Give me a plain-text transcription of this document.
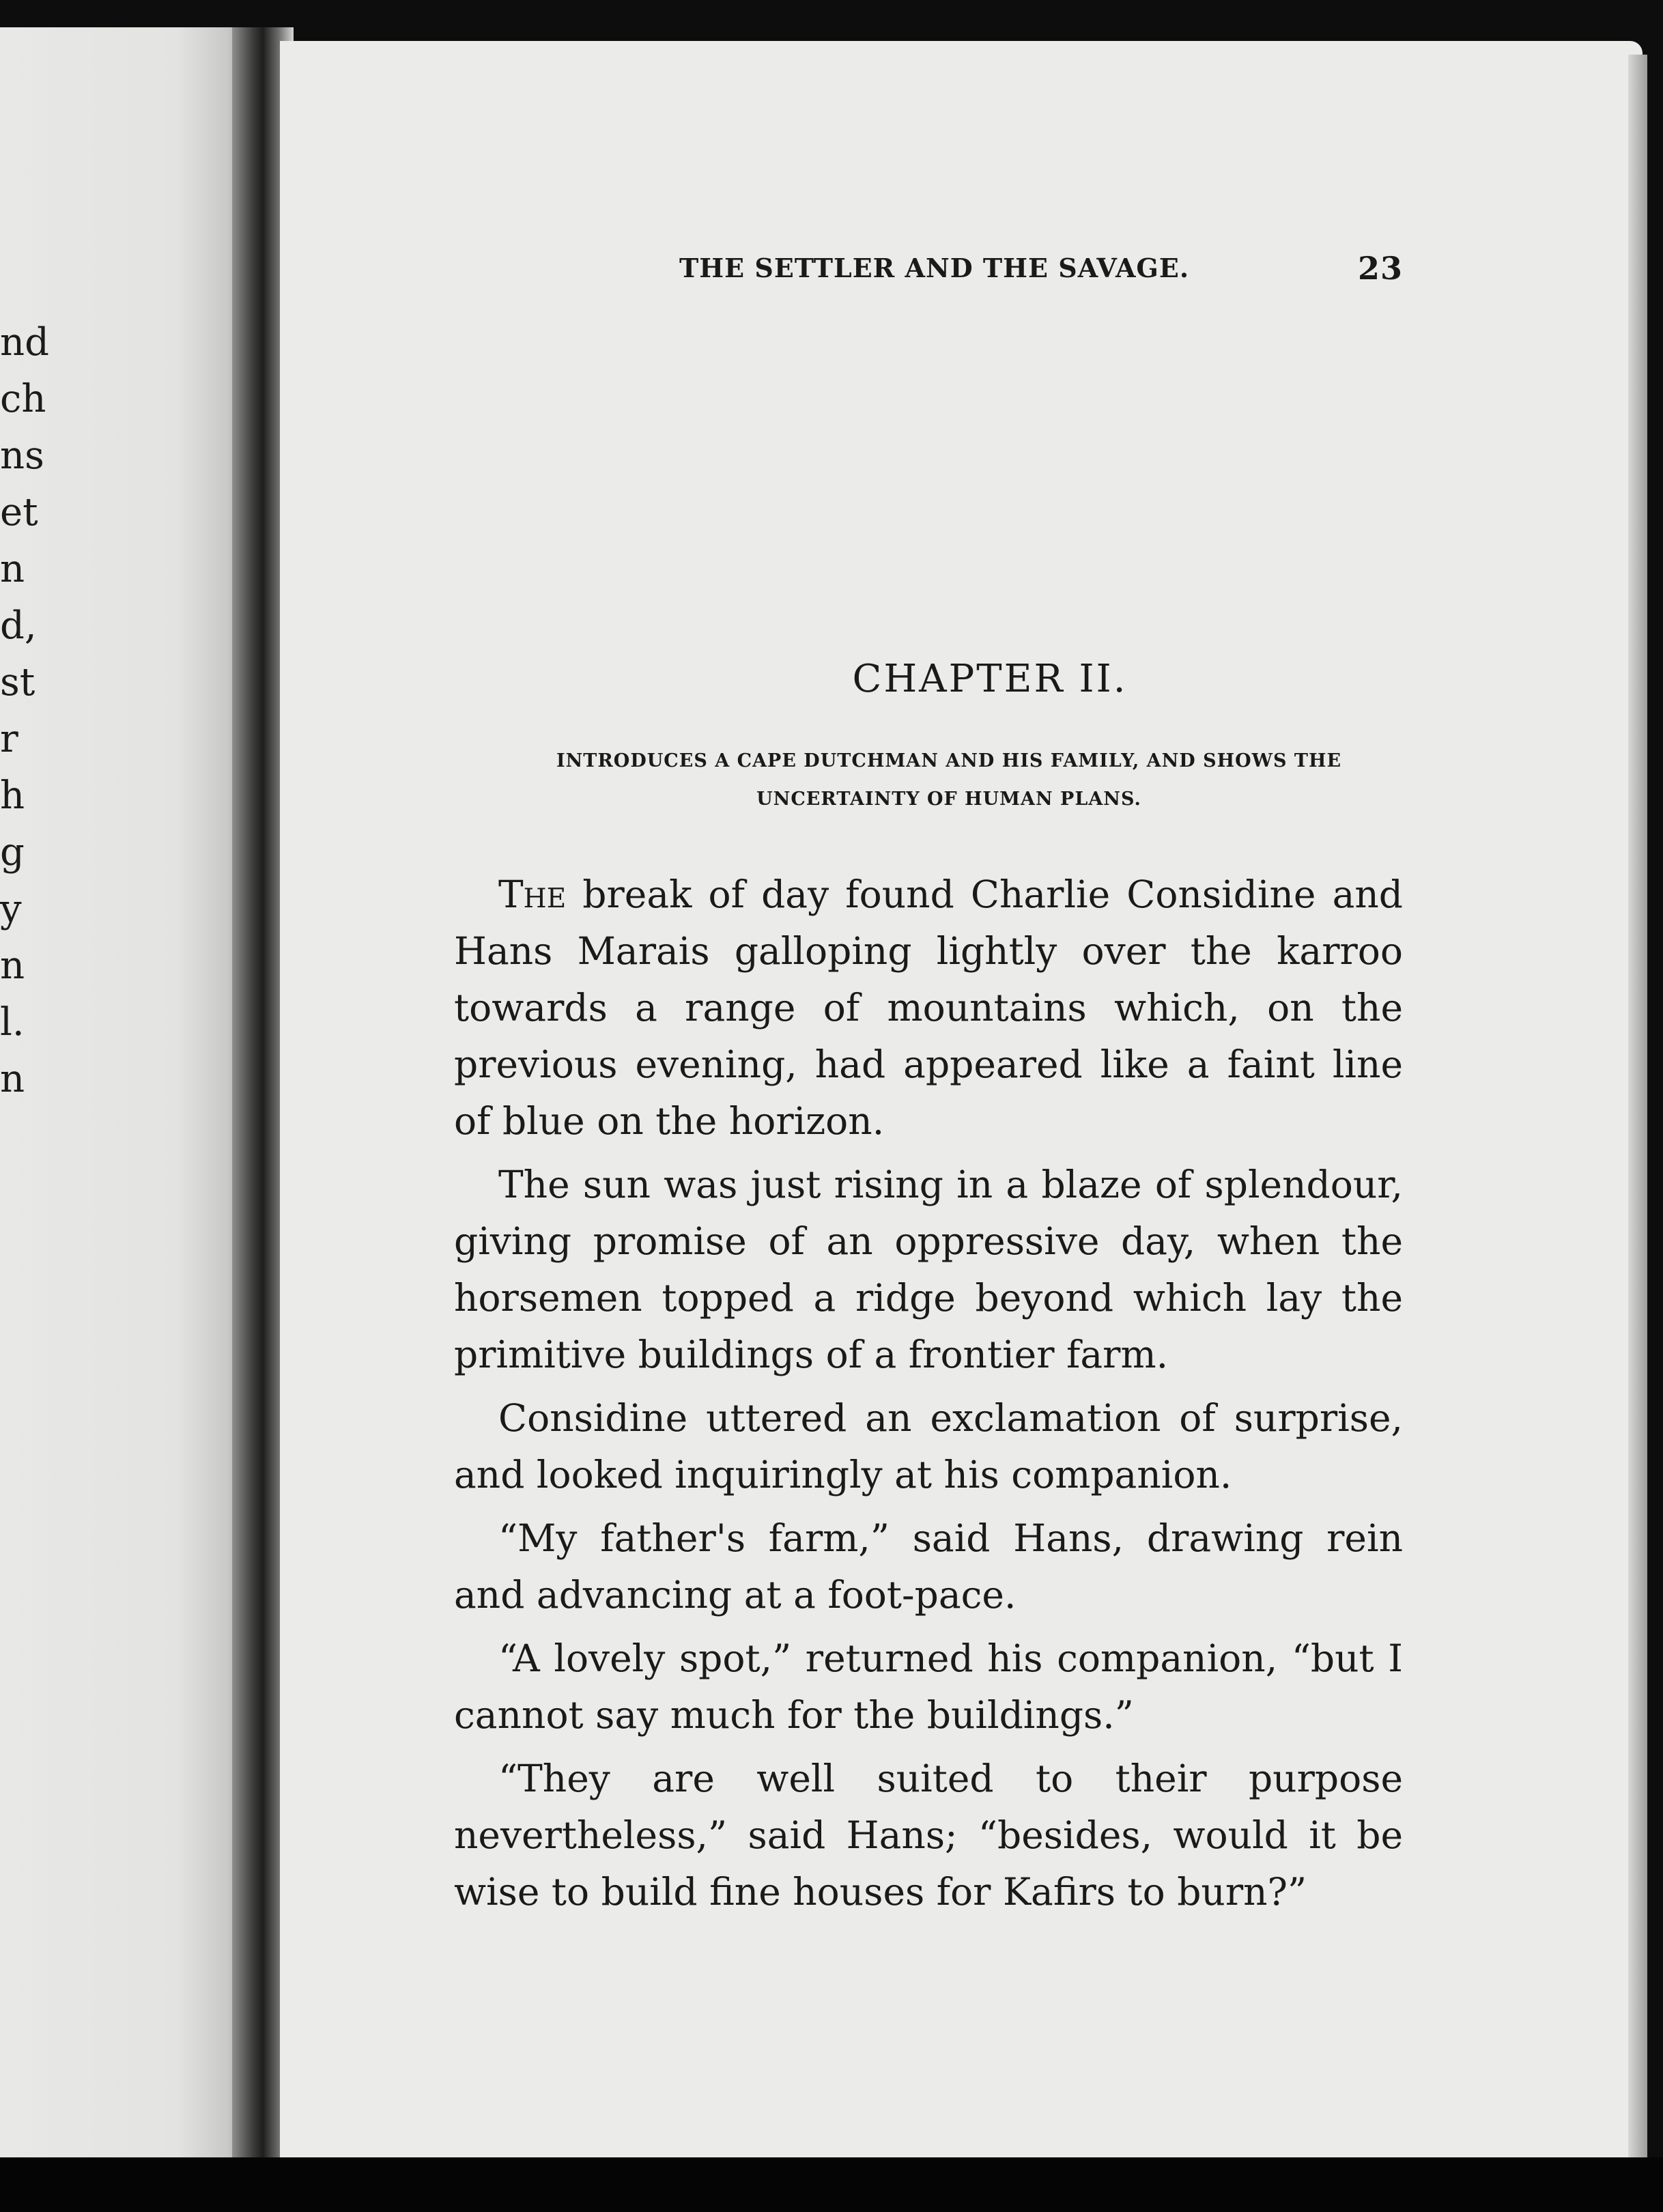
nd
ch
ns
et
n
d,
st
r
h
g
y
n
l.
n
THE SETTLER AND THE SAVAGE.	23
CHAPTER II.
INTRODUCES A CAPE DUTCHMAN AND HIS FAMILY, AND SHOWS THE
UNCERTAINTY OF HUMAN PLANS.

The break of day found Charlie Considine and Hans Marais galloping lightly over the karroo towards a range of mountains which, on the previous evening, had appeared like a faint line of blue on the horizon.

The sun was just rising in a blaze of splendour, giving promise of an oppressive day, when the horsemen topped a ridge beyond which lay the primitive buildings of a frontier farm.

Considine uttered an exclamation of surprise, and looked inquiringly at his companion.

“My father's farm,” said Hans, drawing rein and advancing at a foot-pace.

“A lovely spot,” returned his companion, “but I cannot say much for the buildings.”

“They are well suited to their purpose nevertheless,” said Hans; “besides, would it be wise to build fine houses for Kafirs to burn?”
